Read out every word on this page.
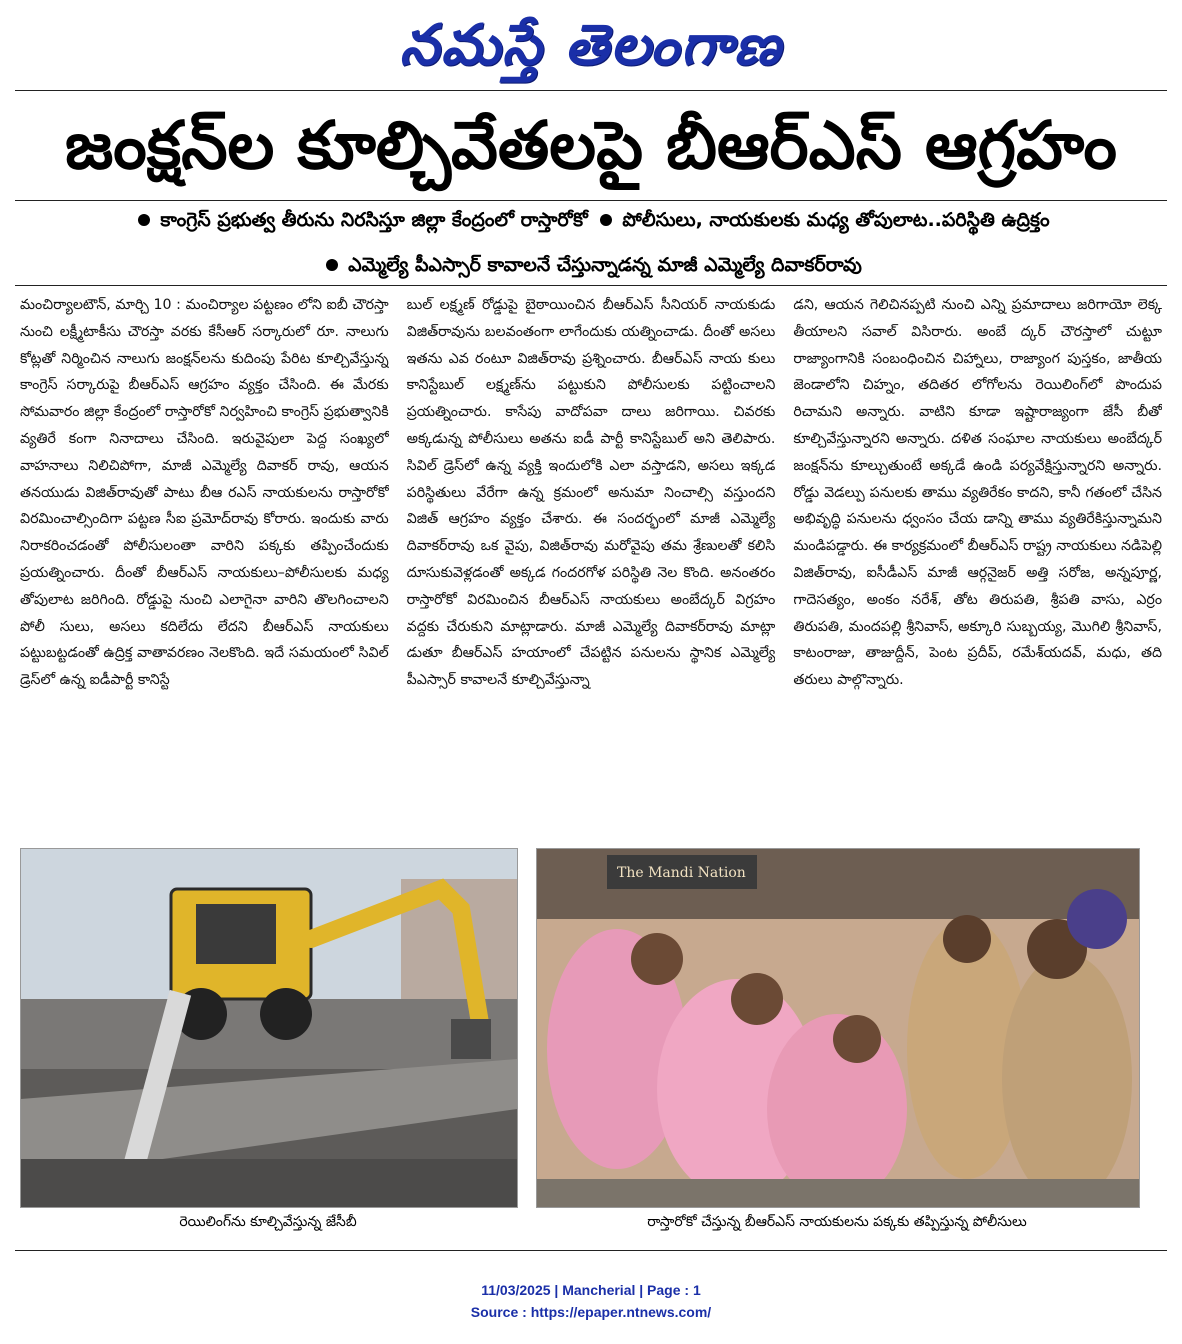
నమస్తే తెలంగాణ
జంక్షన్‌ల కూల్చివేతలపై బీఆర్‌ఎస్ ఆగ్రహం
కాంగ్రెస్ ప్రభుత్వ తీరును నిరసిస్తూ జిల్లా కేంద్రంలో రాస్తారోకో పోలీసులు, నాయకులకు మధ్య తోపులాట..పరిస్థితి ఉద్రిక్తం
ఎమ్మెల్యే పీఎస్సార్ కావాలనే చేస్తున్నాడన్న మాజీ ఎమ్మెల్యే దివాకర్‌రావు
మంచిర్యాలటౌన్, మార్చి 10 : మంచిర్యాల పట్టణం లోని ఐబీ చౌరస్తా నుంచి లక్ష్మీటాకీసు చౌరస్తా వరకు కేసీఆర్ సర్కారులో రూ. నాలుగు కోట్లతో నిర్మించిన నాలుగు జంక్షన్‌లను కుదింపు పేరిట కూల్చివేస్తున్న కాంగ్రెస్ సర్కారుపై బీఆర్‌ఎస్ ఆగ్రహం వ్యక్తం చేసింది. ఈ మేరకు సోమవారం జిల్లా కేంద్రంలో రాస్తారోకో నిర్వహించి కాంగ్రెస్ ప్రభుత్వానికి వ్యతిరే కంగా నినాదాలు చేసింది. ఇరువైపులా పెద్ద సంఖ్యలో వాహనాలు నిలిచిపోగా, మాజీ ఎమ్మెల్యే దివాకర్ రావు, ఆయన తనయుడు విజిత్‌రావుతో పాటు బీఆ రఎస్ నాయకులను రాస్తారోకో విరమించాల్సిందిగా పట్టణ సీఐ ప్రమోద్‌రావు కోరారు. ఇందుకు వారు నిరాకరించడంతో పోలీసులంతా వారిని పక్కకు తప్పించేందుకు ప్రయత్నించారు. దీంతో బీఆర్‌ఎస్ నాయకులు–పోలీసులకు మధ్య తోపులాట జరిగింది. రోడ్డుపై నుంచి ఎలాగైనా వారిని తొలగించాలని పోలీ సులు, అసలు కదిలేదు లేదని బీఆర్‌ఎస్ నాయకులు పట్టుబట్టడంతో ఉద్రిక్త వాతావరణం నెలకొంది. ఇదే సమయంలో సివిల్ డ్రెస్‌లో ఉన్న ఐడీపార్టీ కానిస్టే
బుల్ లక్ష్మణ్ రోడ్డుపై బైఠాయించిన బీఆర్‌ఎస్ సీనియర్ నాయకుడు విజిత్‌రావును బలవంతంగా లాగేందుకు యత్నించాడు. దీంతో అసలు ఇతను ఎవ రంటూ విజిత్‌రావు ప్రశ్నించారు. బీఆర్‌ఎస్ నాయ కులు కానిస్టేబుల్ లక్ష్మణ్‌ను పట్టుకుని పోలీసులకు పట్టించాలని ప్రయత్నించారు. కాసేపు వాదోపవా దాలు జరిగాయి. చివరకు అక్కడున్న పోలీసులు అతను ఐడీ పార్టీ కానిస్టేబుల్ అని తెలిపారు. సివిల్ డ్రెస్‌లో ఉన్న వ్యక్తి ఇందులోకి ఎలా వస్తాడని, అసలు ఇక్కడ పరిస్థితులు వేరేగా ఉన్న క్రమంలో అనుమా నించాల్సి వస్తుందని విజిత్ ఆగ్రహం వ్యక్తం చేశారు. ఈ సందర్భంలో మాజీ ఎమ్మెల్యే దివాకర్‌రావు ఒక వైపు, విజిత్‌రావు మరోవైపు తమ శ్రేణులతో కలిసి దూసుకువెళ్లడంతో అక్కడ గందరగోళ పరిస్థితి నెల కొంది. అనంతరం రాస్తారోకో విరమించిన బీఆర్‌ఎస్ నాయకులు అంబేద్కర్ విగ్రహం వద్దకు చేరుకుని మాట్లాడారు. మాజీ ఎమ్మెల్యే దివాకర్‌రావు మాట్లా డుతూ బీఆర్‌ఎస్ హయాంలో చేపట్టిన పనులను స్థానిక ఎమ్మెల్యే పీఎస్సార్ కావాలనే కూల్చివేస్తున్నా
డని, ఆయన గెలిచినప్పటి నుంచి ఎన్ని ప్రమాదాలు జరిగాయో లెక్క తీయాలని సవాల్ విసిరారు. అంబే ద్కర్ చౌరస్తాలో చుట్టూ రాజ్యాంగానికి సంబంధించిన చిహ్నాలు, రాజ్యాంగ పుస్తకం, జాతీయ జెండాలోని చిహ్నం, తదితర లోగోలను రెయిలింగ్‌లో పొందుప రిచామని అన్నారు. వాటిని కూడా ఇష్టారాజ్యంగా జేసీ బీతో కూల్చివేస్తున్నారని అన్నారు. దళిత సంఘాల నాయకులు అంబేద్కర్ జంక్షన్‌ను కూల్చుతుంటే అక్కడే ఉండి పర్యవేక్షిస్తున్నారని అన్నారు. రోడ్డు వెడల్పు పనులకు తాము వ్యతిరేకం కాదని, కానీ గతంలో చేసిన అభివృద్ధి పనులను ధ్వంసం చేయ డాన్ని తాము వ్యతిరేకిస్తున్నామని మండిపడ్డారు. ఈ కార్యక్రమంలో బీఆర్‌ఎస్ రాష్ట్ర నాయకులు నడిపెల్లి విజిత్‌రావు, ఐసీడీఎస్ మాజీ ఆర్గనైజర్ అత్తి సరోజ, అన్నపూర్ణ, గాదెసత్యం, అంకం నరేశ్, తోట తిరుపతి, శ్రీపతి వాసు, ఎర్రం తిరుపతి, మందపల్లి శ్రీనివాస్, అక్కూరి సుబ్బయ్య, మొగిలి శ్రీనివాస్, కాటంరాజు, తాజుద్దీన్, పెంట ప్రదీప్, రమేశ్‌యదవ్, మధు, తది తరులు పాల్గొన్నారు.
The Mandi Nation
రెయిలింగ్‌ను కూల్చివేస్తున్న జేసీబీ	రాస్తారోకో చేస్తున్న బీఆర్‌ఎస్ నాయకులను పక్కకు తప్పిస్తున్న పోలీసులు
11/03/2025 | Mancherial | Page : 1
Source : https://epaper.ntnews.com/
